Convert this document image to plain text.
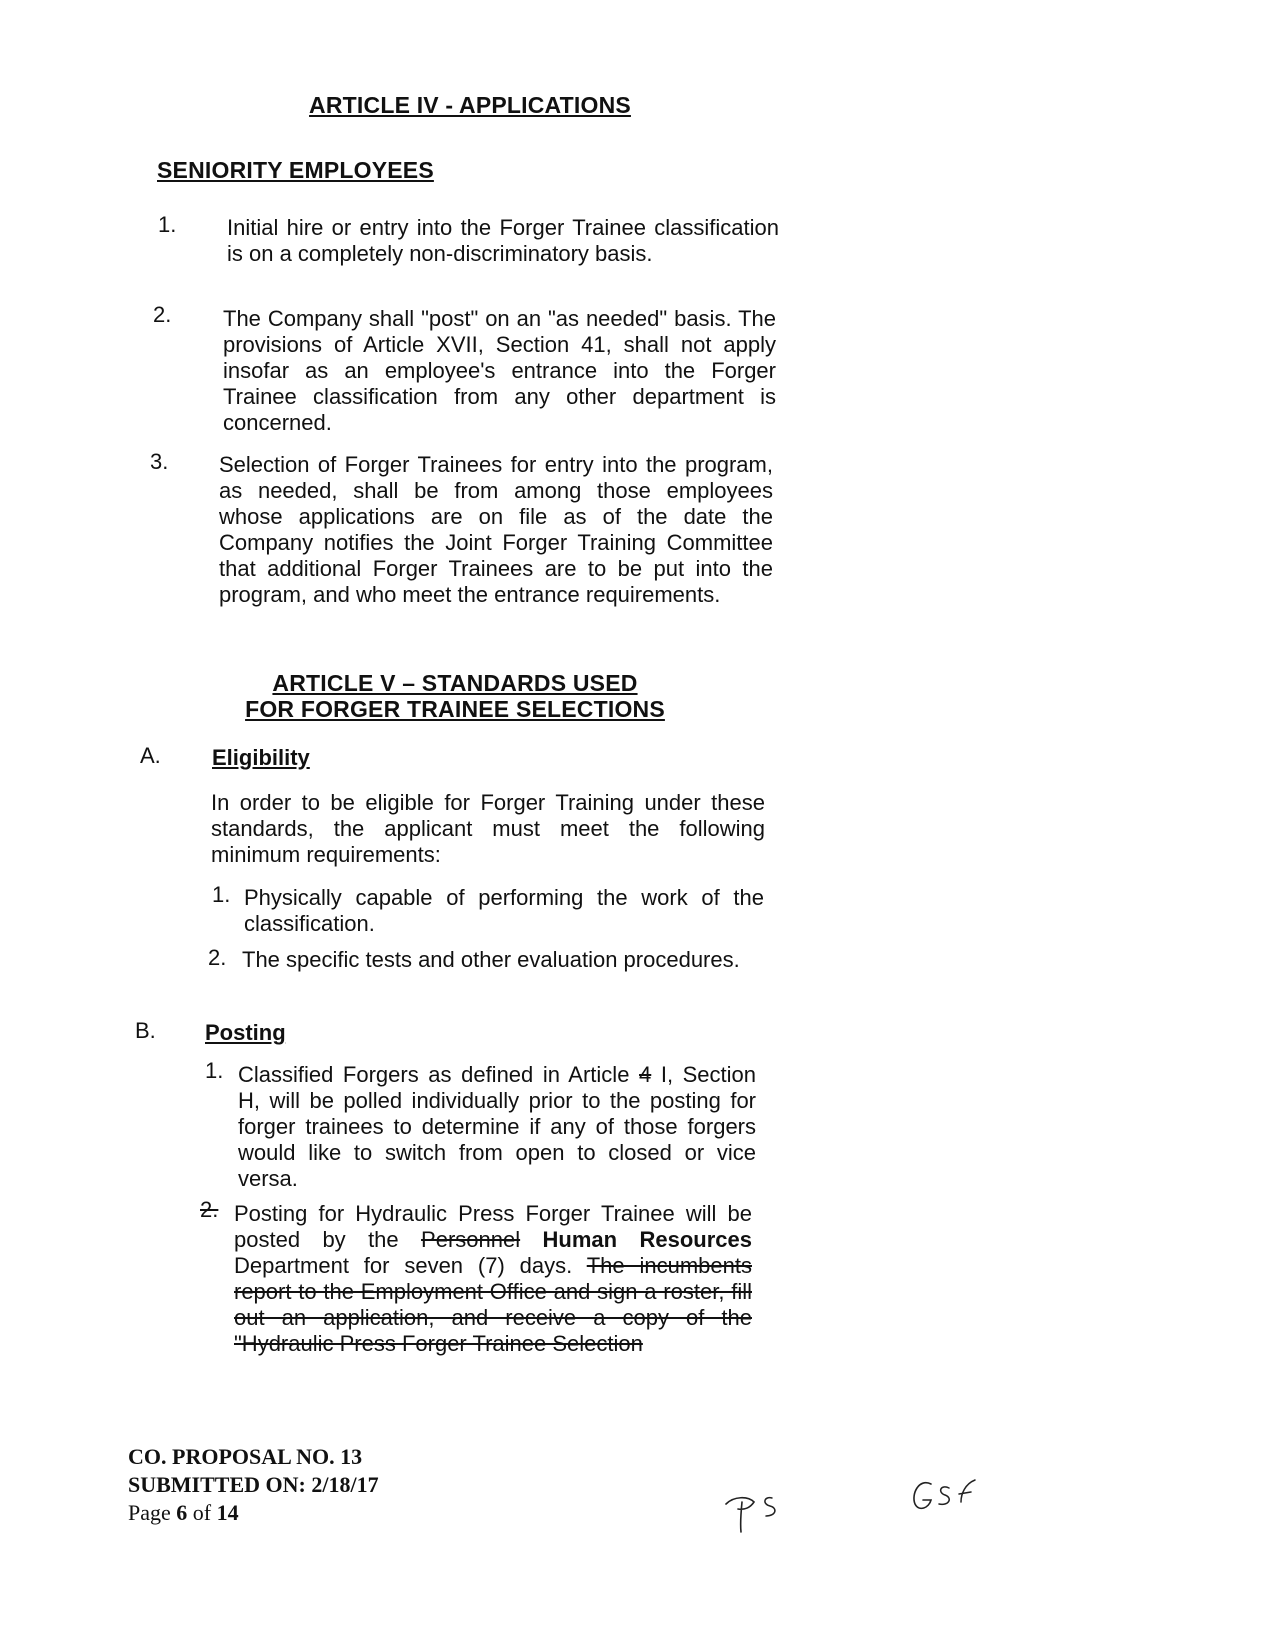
ARTICLE IV - APPLICATIONS
SENIORITY EMPLOYEES
1. Initial hire or entry into the Forger Trainee classification is on a completely non-discriminatory basis.
2. The Company shall "post" on an "as needed" basis. The provisions of Article XVII, Section 41, shall not apply insofar as an employee's entrance into the Forger Trainee classification from any other department is concerned.
3. Selection of Forger Trainees for entry into the program, as needed, shall be from among those employees whose applications are on file as of the date the Company notifies the Joint Forger Training Committee that additional Forger Trainees are to be put into the program, and who meet the entrance requirements.
ARTICLE V – STANDARDS USED
FOR FORGER TRAINEE SELECTIONS
A. Eligibility
In order to be eligible for Forger Training under these standards, the applicant must meet the following minimum requirements:
1. Physically capable of performing the work of the classification.
2. The specific tests and other evaluation procedures.
B. Posting
1. Classified Forgers as defined in Article 4 I, Section H, will be polled individually prior to the posting for forger trainees to determine if any of those forgers would like to switch from open to closed or vice versa.
2. Posting for Hydraulic Press Forger Trainee will be posted by the Personnel Human Resources Department for seven (7) days. The incumbents report to the Employment Office and sign a roster, fill out an application, and receive a copy of the "Hydraulic Press Forger Trainee Selection
CO. PROPOSAL NO. 13
SUBMITTED ON: 2/18/17
Page 6 of 14
